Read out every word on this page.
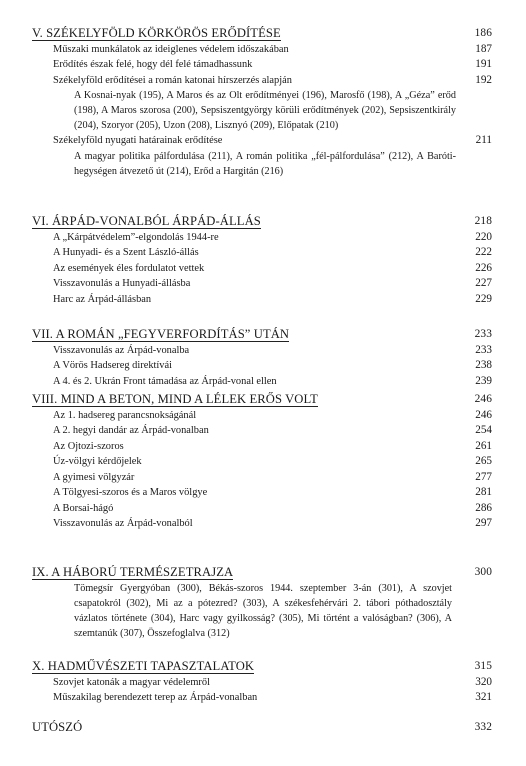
V. SZÉKELYFÖLD KÖRKÖRÖS ERŐDÍTÉSE	186
Műszaki munkálatok az ideiglenes védelem időszakában	187
Erődítés észak felé, hogy dél felé támadhassunk	191
Székelyföld erődítései a román katonai hírszerzés alapján	192
A Kosnai-nyak (195), A Maros és az Olt erődítményei (196), Marosfő (198), A „Géza” erőd (198), A Maros szorosa (200), Sepsiszentgyörgy körüli erődítmények (202), Sepsiszentkirály (204), Szoryor (205), Uzon (208), Lisznyó (209), Előpatak (210)
Székelyföld nyugati határainak erődítése	211
A magyar politika pálfordulása (211), A román politika „fél-pálfordulása” (212), A Baróti-hegységen átvezető út (214), Erőd a Hargitán (216)
VI. ÁRPÁD-VONALBÓL ÁRPÁD-ÁLLÁS	218
A „Kárpátvédelem”-elgondolás 1944-re	220
A Hunyadi- és a Szent László-állás	222
Az események éles fordulatot vettek	226
Visszavonulás a Hunyadi-állásba	227
Harc az Árpád-állásban	229
VII. A ROMÁN „FEGYVERFORDÍTÁS” UTÁN	233
Visszavonulás az Árpád-vonalba	233
A Vörös Hadsereg direktívái	238
A 4. és 2. Ukrán Front támadása az Árpád-vonal ellen	239
VIII. MIND A BETON, MIND A LÉLEK ERŐS VOLT	246
Az 1. hadsereg parancsnokságánál	246
A 2. hegyi dandár az Árpád-vonalban	254
Az Ojtozi-szoros	261
Úz-völgyi kérdőjelek	265
A gyimesi völgyzár	277
A Tölgyesi-szoros és a Maros völgye	281
A Borsai-hágó	286
Visszavonulás az Árpád-vonalból	297
IX. A HÁBORÚ TERMÉSZETRAJZA	300
Tömegsír Gyergyóban (300), Békás-szoros 1944. szeptember 3-án (301), A szovjet csapatokról (302), Mi az a pótezred? (303), A székesfehérvári 2. tábori póthadosztály vázlatos története (304), Harc vagy gyilkosság? (305), Mi történt a valóságban? (306), A szemtanúk (307), Összefoglalva (312)
X. HADMŰVÉSZETI TAPASZTALATOK	315
Szovjet katonák a magyar védelemről	320
Műszakilag berendezett terep az Árpád-vonalban	321
UTÓSZÓ	332
